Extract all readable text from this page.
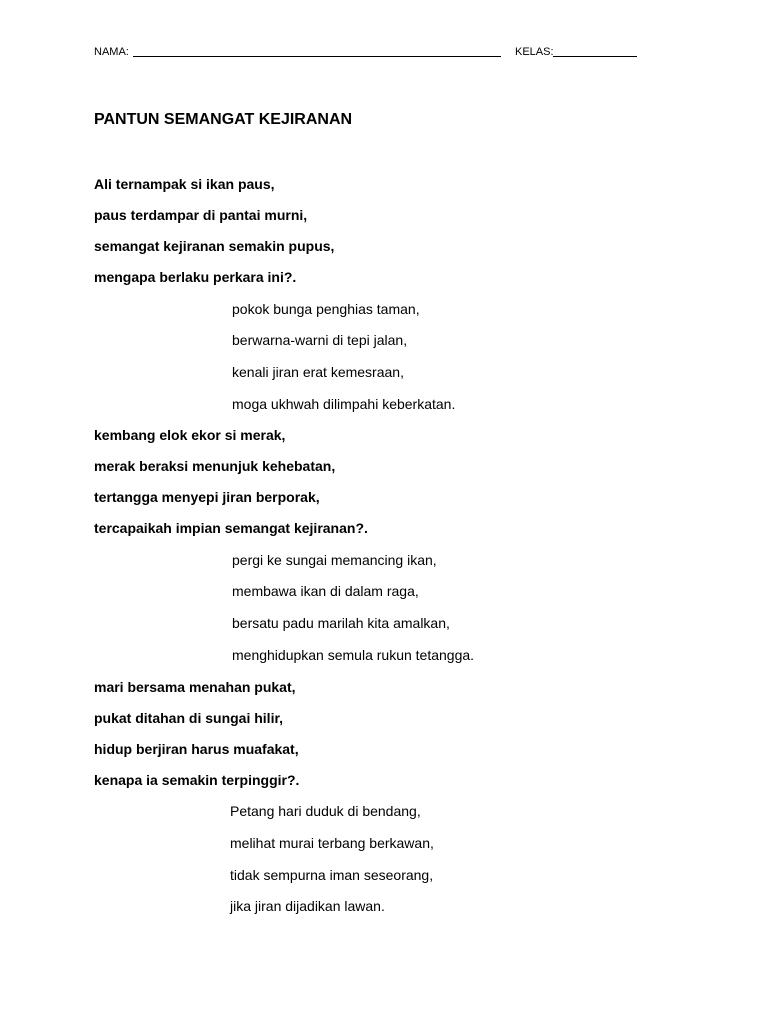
NAMA:	KELAS:
PANTUN SEMANGAT KEJIRANAN
Ali ternampak si ikan paus,
paus terdampar di pantai murni,
semangat kejiranan semakin pupus,
mengapa berlaku perkara ini?.
pokok bunga penghias taman,
berwarna-warni di tepi jalan,
kenali jiran erat kemesraan,
moga ukhwah dilimpahi keberkatan.
kembang elok ekor si merak,
merak beraksi menunjuk kehebatan,
tertangga menyepi jiran berporak,
tercapaikah impian semangat kejiranan?.
pergi ke sungai memancing ikan,
membawa ikan di dalam raga,
bersatu padu marilah kita amalkan,
menghidupkan semula rukun tetangga.
mari bersama menahan pukat,
pukat ditahan di sungai hilir,
hidup berjiran harus muafakat,
kenapa ia semakin terpinggir?.
Petang hari duduk di bendang,
melihat murai terbang berkawan,
tidak sempurna iman seseorang,
jika jiran dijadikan lawan.
